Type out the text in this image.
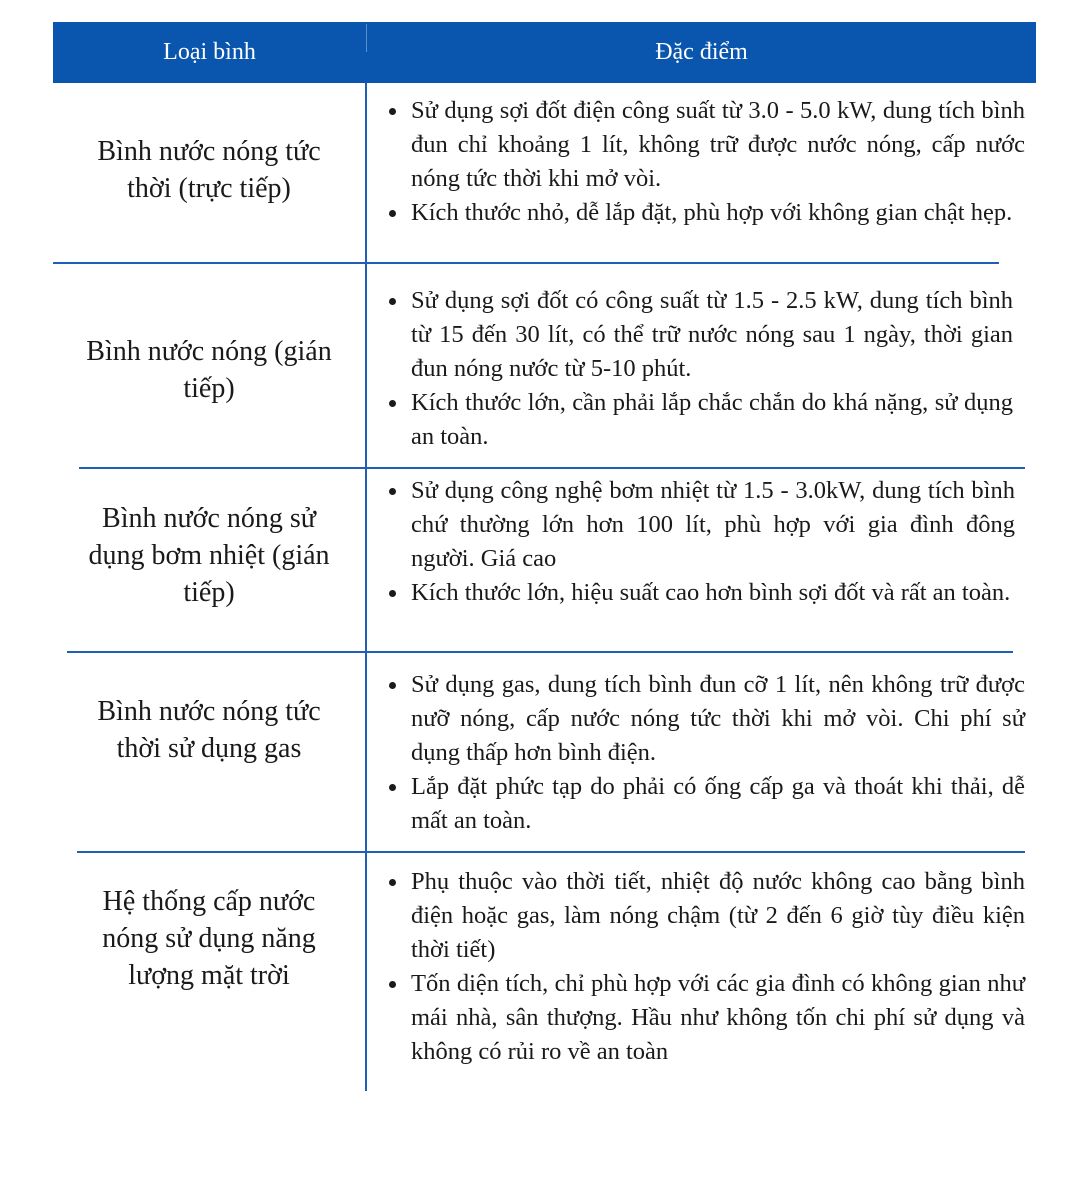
Loại bình	Đặc điểm
Bình nước nóng tức thời (trực tiếp)
Sử dụng sợi đốt điện công suất từ 3.0 - 5.0 kW, dung tích bình đun chỉ khoảng 1 lít, không trữ được nước nóng, cấp nước nóng tức thời khi mở vòi.
Kích thước nhỏ, dễ lắp đặt, phù hợp với không gian chật hẹp.
Bình nước nóng (gián tiếp)
Sử dụng sợi đốt có công suất từ 1.5 - 2.5 kW, dung tích bình từ 15 đến 30 lít, có thể trữ nước nóng sau 1 ngày, thời gian đun nóng nước từ 5-10 phút.
Kích thước lớn, cần phải lắp chắc chắn do khá nặng, sử dụng an toàn.
Bình nước nóng sử dụng bơm nhiệt (gián tiếp)
Sử dụng công nghệ bơm nhiệt từ 1.5 - 3.0kW, dung tích bình chứ thường lớn hơn 100 lít, phù hợp với gia đình đông người. Giá cao
Kích thước lớn, hiệu suất cao hơn bình sợi đốt và rất an toàn.
Bình nước nóng tức thời sử dụng gas
Sử dụng gas, dung tích bình đun cỡ 1 lít, nên không trữ được nưỡ nóng, cấp nước nóng tức thời khi mở vòi. Chi phí sử dụng thấp hơn bình điện.
Lắp đặt phức tạp do phải có ống cấp ga và thoát khi thải, dễ mất an toàn.
Hệ thống cấp nước nóng sử dụng năng lượng mặt trời
Phụ thuộc vào thời tiết, nhiệt độ nước không cao bằng bình điện hoặc gas, làm nóng chậm (từ 2 đến 6 giờ tùy điều kiện thời tiết)
Tốn diện tích, chỉ phù hợp với các gia đình có không gian như mái nhà, sân thượng. Hầu như không tốn chi phí sử dụng và không có rủi ro về an toàn
